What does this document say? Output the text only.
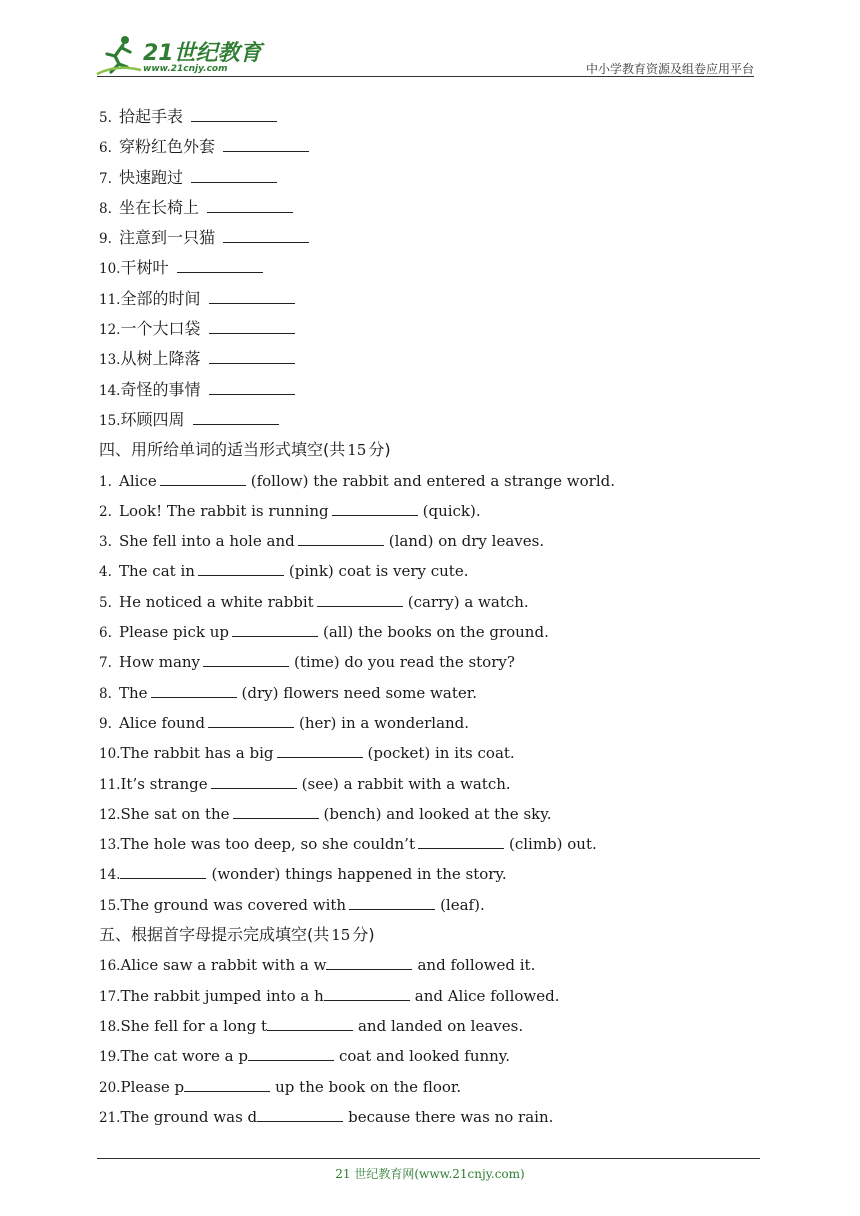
21世纪教育
www.21cnjy.com	中小学教育资源及组卷应用平台
5. 拾起手表
6. 穿粉红色外套
7. 快速跑过
8. 坐在长椅上
9. 注意到一只猫
10.干树叶
11.全部的时间
12.一个大口袋
13.从树上降落
14.奇怪的事情
15.环顾四周
四、用所给单词的适当形式填空(共 15 分)
1. Alice	(follow) the rabbit and entered a strange world.
2. Look! The rabbit is running	(quick).
3. She fell into a hole and	(land) on dry leaves.
4. The cat in	(pink) coat is very cute.
5. He noticed a white rabbit	(carry) a watch.
6. Please pick up	(all) the books on the ground.
7. How many	(time) do you read the story?
8. The	(dry) flowers need some water.
9. Alice found	(her) in a wonderland.
10.The rabbit has a big	(pocket) in its coat.
11.It’s strange	(see) a rabbit with a watch.
12.She sat on the	(bench) and looked at the sky.
13.The hole was too deep, so she couldn’t	(climb) out.
14.	(wonder) things happened in the story.
15.The ground was covered with	(leaf).
五、根据首字母提示完成填空(共 15 分)
16.Alice saw a rabbit with a w	and followed it.
17.The rabbit jumped into a h	and Alice followed.
18.She fell for a long t	and landed on leaves.
19.The cat wore a p	coat and looked funny.
20.Please p	up the book on the floor.
21.The ground was d	because there was no rain.
21 世纪教育网(www.21cnjy.com)
